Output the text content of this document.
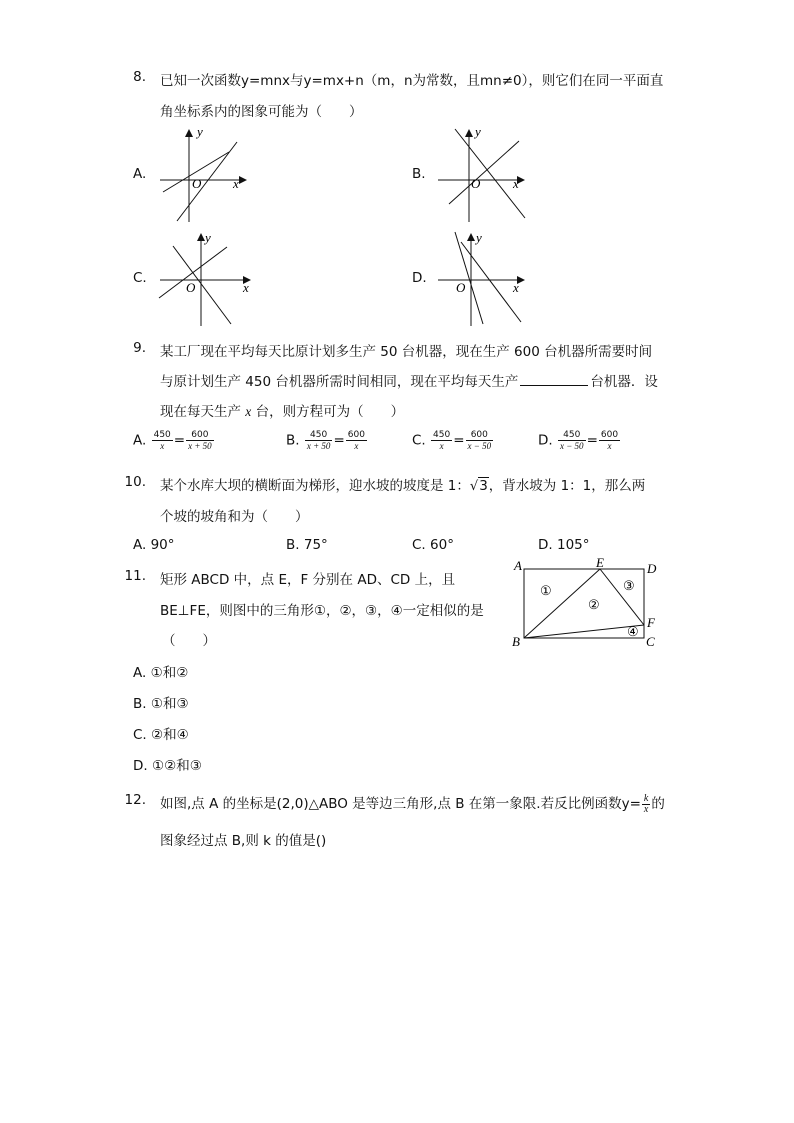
8. 已知一次函数y=mnx与y=mx+n（m，n为常数，且mn≠0），则它们在同一平面直
角坐标系内的图象可能为（　　）
A.
y
O x
B.
y
O	x
C.
y
O	x
D.
y
O	x
9. 某工厂现在平均每天比原计划多生产 50 台机器，现在生产 600 台机器所需要时间
与原计划生产 450 台机器所需时间相同，现在平均每天生产	台机器．设
现在每天生产 x 台，则方程可为（　　）
A. $\frac{450}{x} = \frac{600}{x + 50}$	B. $\frac{450}{x + 50} = \frac{600}{x}$	C. $\frac{450}{x} = \frac{600}{x - 50}$	D. $\frac{450}{x - 50} = \frac{600}{x}$
10. 某个水库大坝的横断面为梯形，迎水坡的坡度是 1：√3，背水坡为 1：1，那么两
个坡的坡角和为（　　）
A. 90°	B. 75°	C. 60°	D. 105°
11. 矩形 ABCD 中，点 E，F 分别在 AD、CD 上，且
BE⊥FE，则图中的三角形①，②，③，④一定相似的是
（　　）
A	E	D
F
C
B
①
②
③
④
A. ①和②
B. ①和③
C. ②和④
D. ①②和③
12. 如图,点 A 的坐标是(2,0)△ABO 是等边三角形,点 B 在第一象限.若反比例函数$y= \frac{k}{x}$ 的
图象经过点 B,则 k 的值是()
